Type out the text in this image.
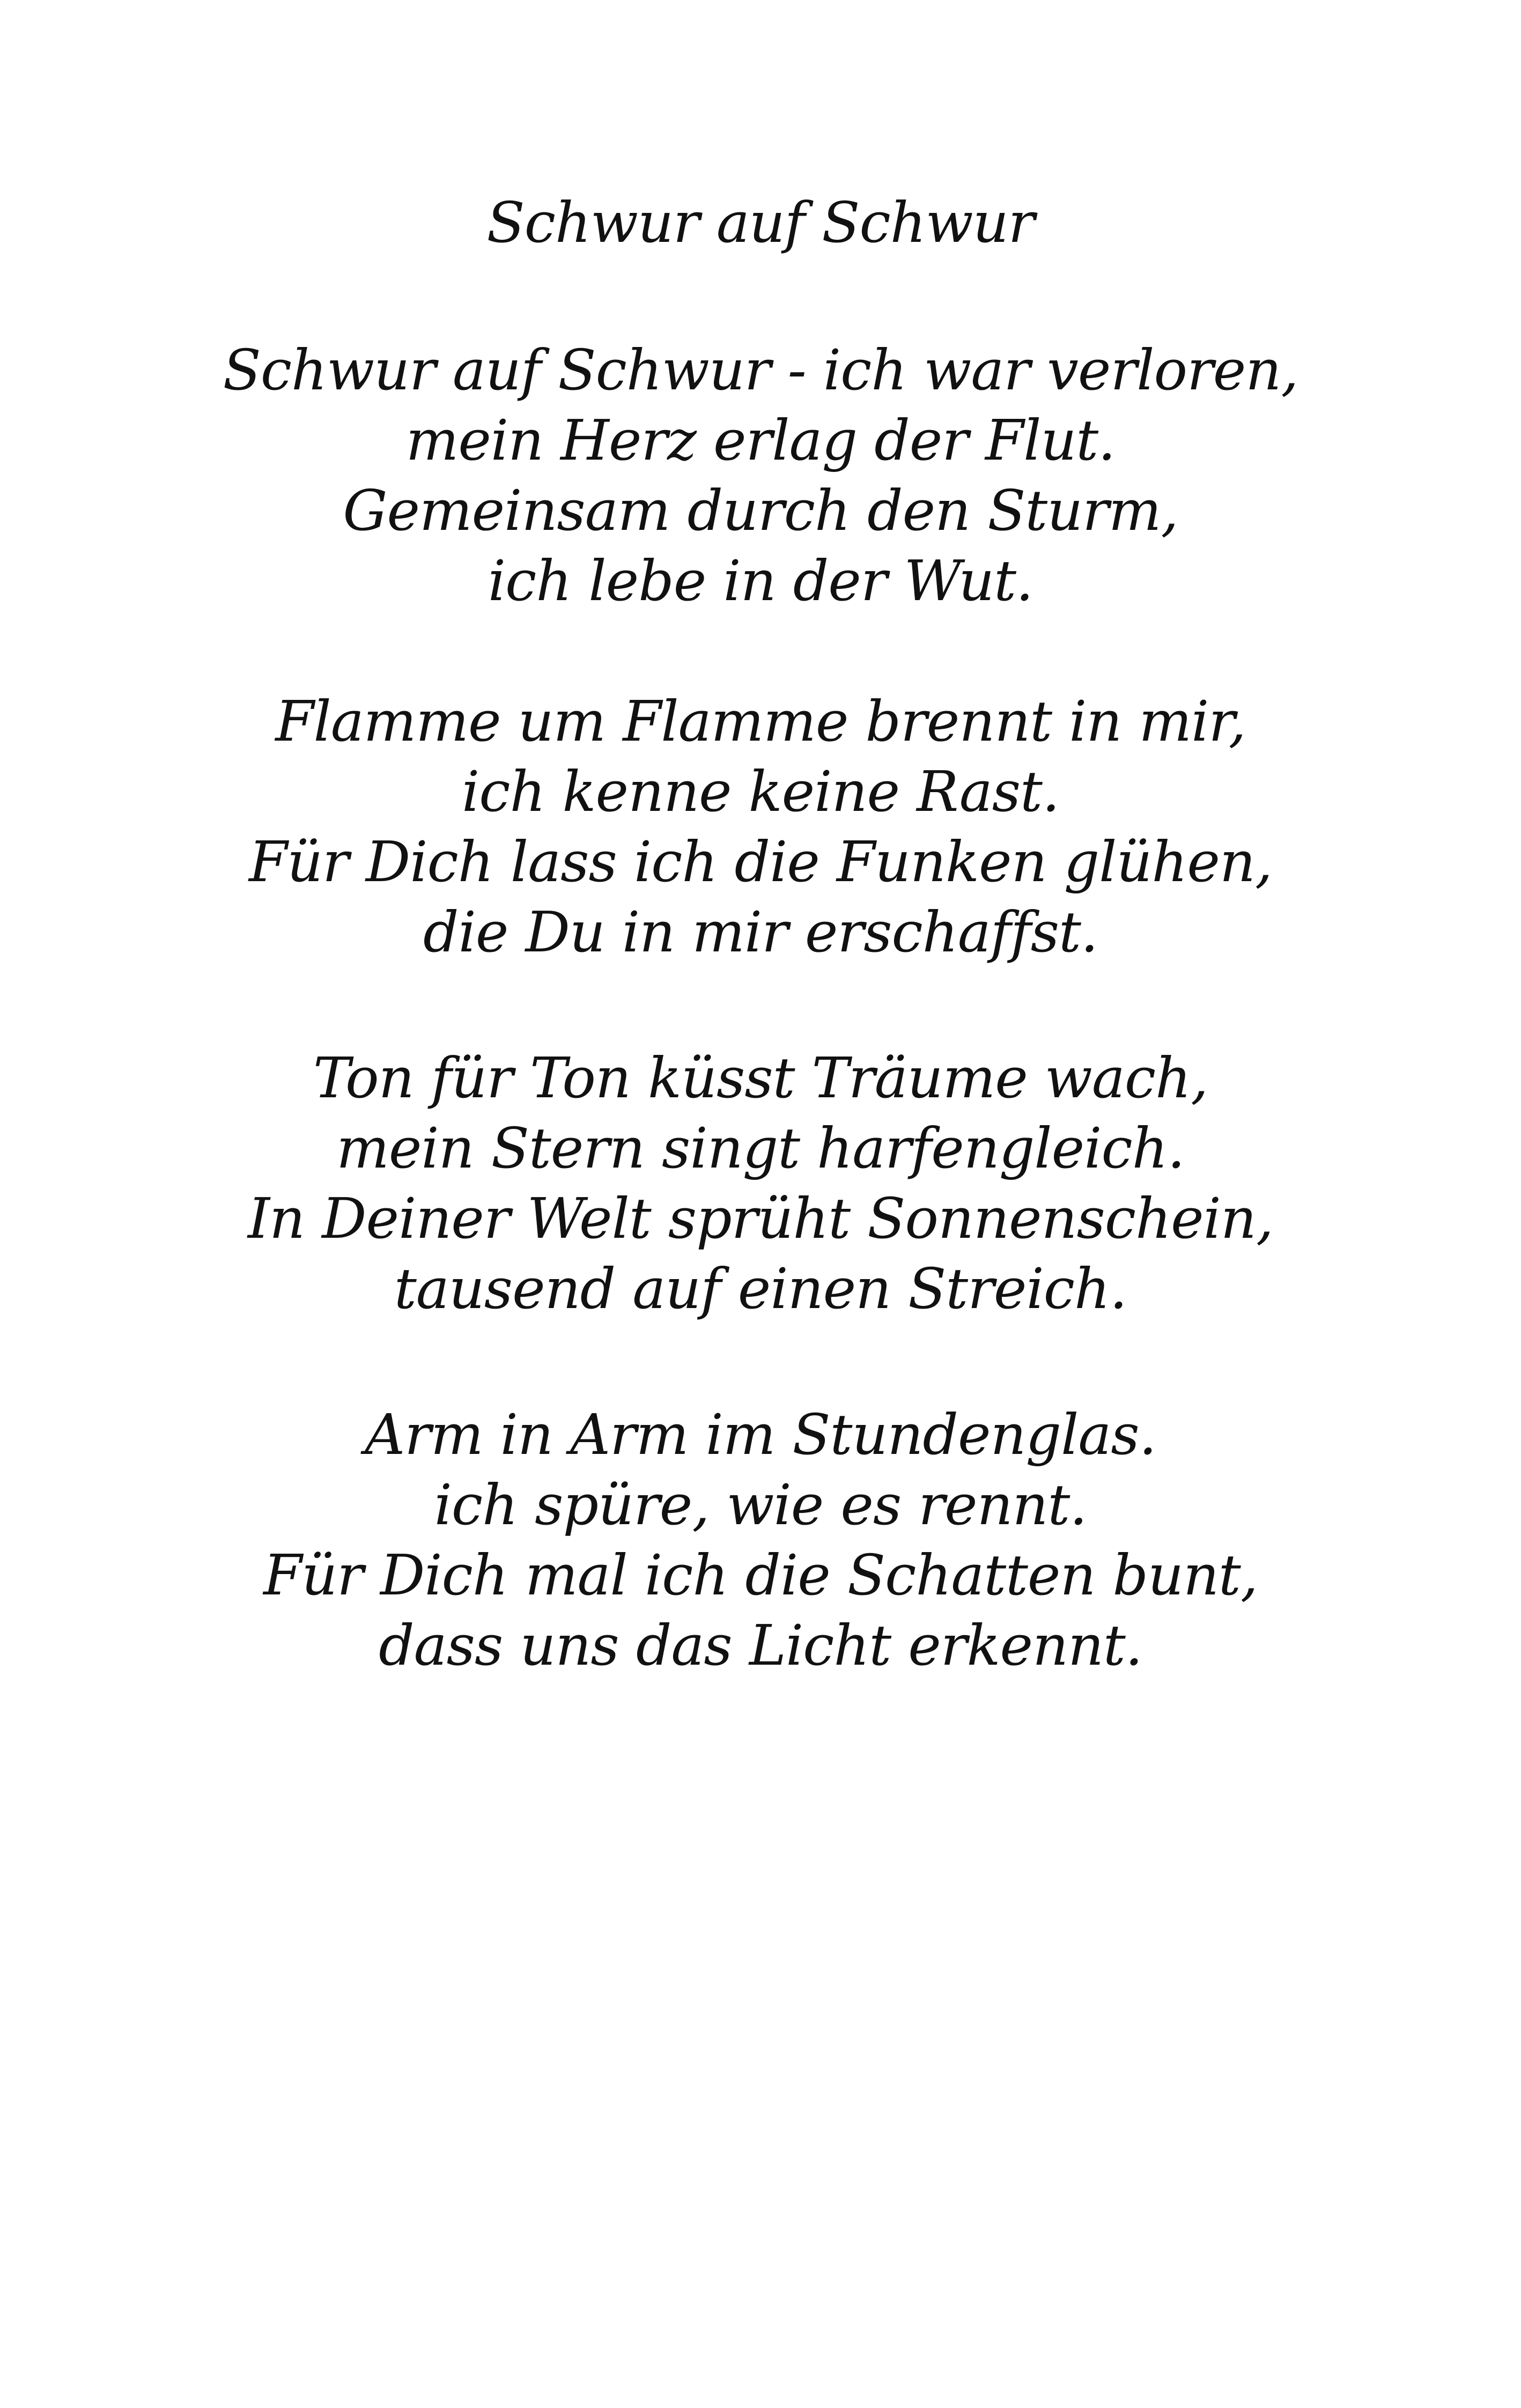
Schwur auf Schwur
Schwur auf Schwur - ich war verloren,
mein Herz erlag der Flut.
Gemeinsam durch den Sturm,
ich lebe in der Wut.
Flamme um Flamme brennt in mir,
ich kenne keine Rast.
Für Dich lass ich die Funken glühen,
die Du in mir erschaffst.
Ton für Ton küsst Träume wach,
mein Stern singt harfengleich.
In Deiner Welt sprüht Sonnenschein,
tausend auf einen Streich.
Arm in Arm im Stundenglas.
ich spüre, wie es rennt.
Für Dich mal ich die Schatten bunt,
dass uns das Licht erkennt.
